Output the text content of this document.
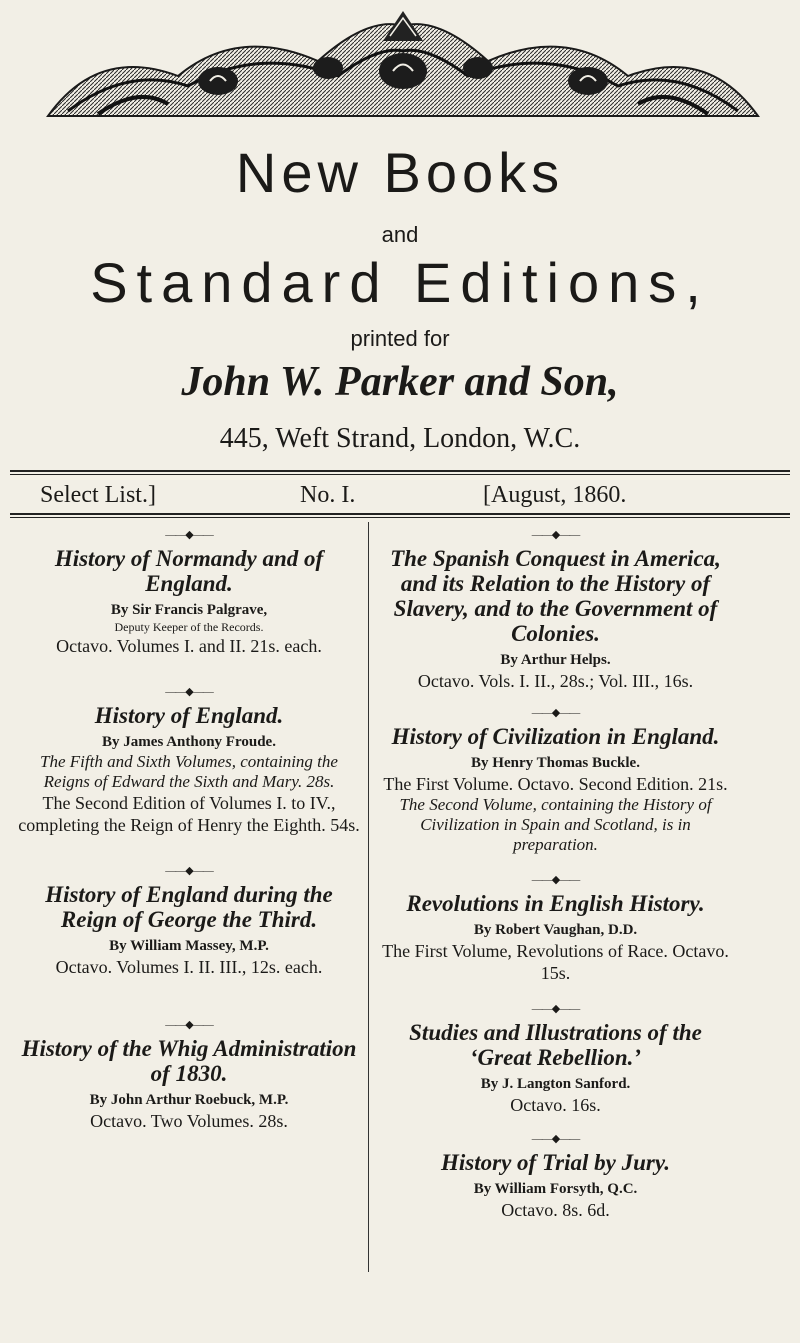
New Books
and
Standard Editions,
printed for
John W. Parker and Son,
445, Weft Strand, London, W.C.
Select List.]	No. I.	[August, 1860.
——◆——
History of Normandy and of England.
By Sir Francis Palgrave,
Deputy Keeper of the Records.
Octavo. Volumes I. and II. 21s. each.
——◆——
History of England.
By James Anthony Froude.
The Fifth and Sixth Volumes, containing the Reigns of Edward the Sixth and Mary. 28s.
The Second Edition of Volumes I. to IV., completing the Reign of Henry the Eighth. 54s.
——◆——
History of England during the Reign of George the Third.
By William Massey, M.P.
Octavo. Volumes I. II. III., 12s. each.
——◆——
History of the Whig Administration of 1830.
By John Arthur Roebuck, M.P.
Octavo. Two Volumes. 28s.
——◆——
The Spanish Conquest in America, and its Relation to the History of Slavery, and to the Government of Colonies.
By Arthur Helps.
Octavo. Vols. I. II., 28s.; Vol. III., 16s.
——◆——
History of Civilization in England.
By Henry Thomas Buckle.
The First Volume. Octavo. Second Edition. 21s.
The Second Volume, containing the History of Civilization in Spain and Scotland, is in preparation.
——◆——
Revolutions in English History.
By Robert Vaughan, D.D.
The First Volume, Revolutions of Race. Octavo. 15s.
——◆——
Studies and Illustrations of the ‘Great Rebellion.’
By J. Langton Sanford.
Octavo. 16s.
——◆——
History of Trial by Jury.
By William Forsyth, Q.C.
Octavo. 8s. 6d.
